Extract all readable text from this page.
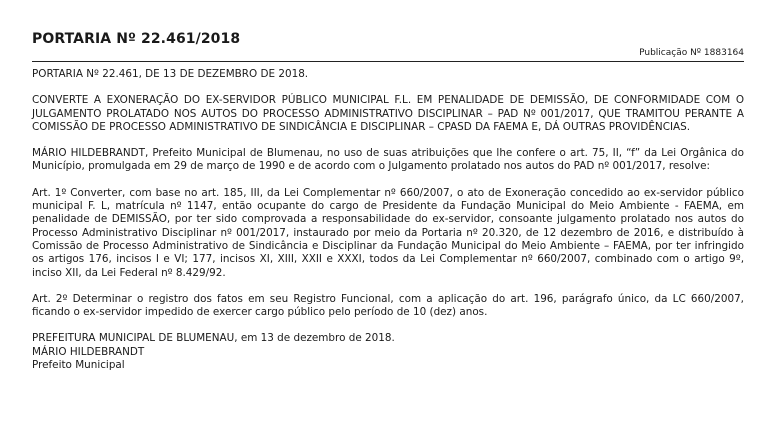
PORTARIA Nº 22.461/2018
Publicação Nº 1883164

PORTARIA Nº 22.461, DE 13 DE DEZEMBRO DE 2018.

CONVERTE A EXONERAÇÃO DO EX-SERVIDOR PÚBLICO MUNICIPAL F.L. EM PENALIDADE DE DEMISSÃO, DE CONFORMIDADE COM O JULGAMENTO PROLATADO NOS AUTOS DO PROCESSO ADMINISTRATIVO DISCIPLINAR – PAD Nº 001/2017, QUE TRAMITOU PERANTE A COMISSÃO DE PROCESSO ADMINISTRATIVO DE SINDICÂNCIA E DISCIPLINAR – CPASD DA FAEMA E, DÁ OUTRAS PROVIDÊNCIAS.

MÁRIO HILDEBRANDT, Prefeito Municipal de Blumenau, no uso de suas atribuições que lhe confere o art. 75, II, “f” da Lei Orgânica do Município, promulgada em 29 de março de 1990 e de acordo com o Julgamento prolatado nos autos do PAD nº 001/2017, resolve:

Art. 1º Converter, com base no art. 185, III, da Lei Complementar nº 660/2007, o ato de Exoneração concedido ao ex-servidor público municipal F. L, matrícula nº 1147, então ocupante do cargo de Presidente da Fundação Municipal do Meio Ambiente - FAEMA, em penalidade de DEMISSÃO, por ter sido comprovada a responsabilidade do ex-servidor, consoante julgamento prolatado nos autos do Processo Administrativo Disciplinar nº 001/2017, instaurado por meio da Portaria nº 20.320, de 12 dezembro de 2016, e distribuído à Comissão de Processo Administrativo de Sindicância e Disciplinar da Fundação Municipal do Meio Ambiente – FAEMA, por ter infringido os artigos 176, incisos I e VI; 177, incisos XI, XIII, XXII e XXXI, todos da Lei Complementar nº 660/2007, combinado com o artigo 9º, inciso XII, da Lei Federal nº 8.429/92.

Art. 2º Determinar o registro dos fatos em seu Registro Funcional, com a aplicação do art. 196, parágrafo único, da LC 660/2007, ficando o ex-servidor impedido de exercer cargo público pelo período de 10 (dez) anos.

PREFEITURA MUNICIPAL DE BLUMENAU, em 13 de dezembro de 2018.

MÁRIO HILDEBRANDT

Prefeito Municipal
